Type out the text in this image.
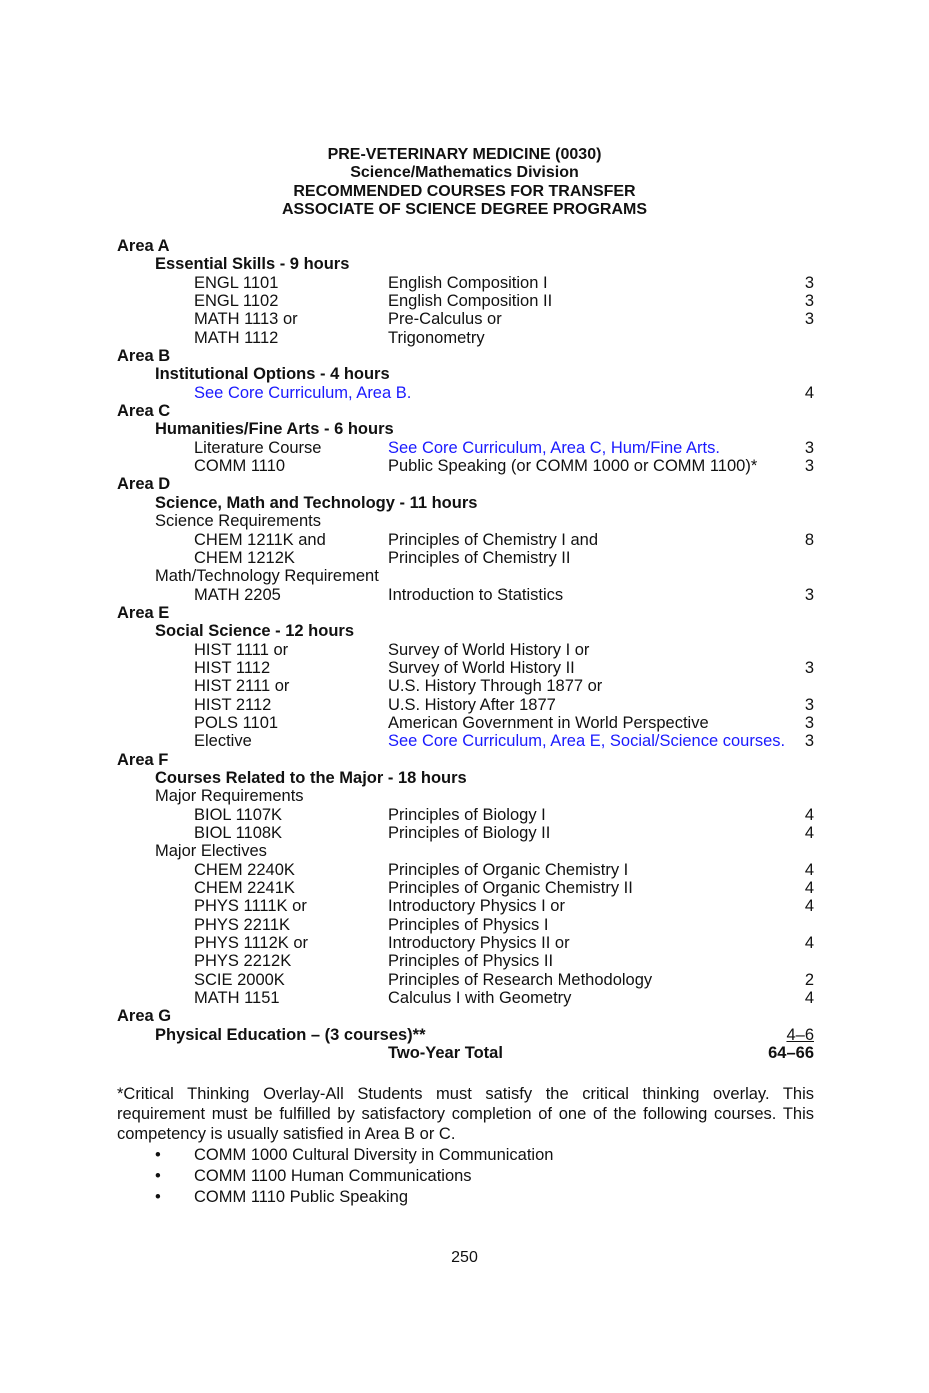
PRE-VETERINARY MEDICINE (0030)
Science/Mathematics Division
RECOMMENDED COURSES FOR TRANSFER
ASSOCIATE OF SCIENCE DEGREE PROGRAMS
Area A
Essential Skills - 9 hours
ENGL 1101	English Composition I	3
ENGL 1102	English Composition II	3
MATH 1113 or	Pre-Calculus or	3
MATH 1112	Trigonometry
Area B
Institutional Options - 4 hours
See Core Curriculum, Area B.	4
Area C
Humanities/Fine Arts - 6 hours
Literature Course	See Core Curriculum, Area C, Hum/Fine Arts.	3
COMM 1110	Public Speaking (or COMM 1000 or COMM 1100)*	3
Area D
Science, Math and Technology - 11 hours
Science Requirements
CHEM 1211K and	Principles of Chemistry I and	8
CHEM 1212K	Principles of Chemistry II
Math/Technology Requirement
MATH 2205	Introduction to Statistics	3
Area E
Social Science - 12 hours
HIST 1111 or	Survey of World History I or
HIST 1112	Survey of World History II	3
HIST 2111 or	U.S. History Through 1877 or
HIST 2112	U.S. History After 1877	3
POLS 1101	American Government in World Perspective	3
Elective	See Core Curriculum, Area E, Social/Science courses. 3
Area F
Courses Related to the Major - 18 hours
Major Requirements
BIOL 1107K	Principles of Biology I	4
BIOL 1108K	Principles of Biology II	4
Major Electives
CHEM 2240K	Principles of Organic Chemistry I	4
CHEM 2241K	Principles of Organic Chemistry II	4
PHYS 1111K or	Introductory Physics I or	4
PHYS 2211K	Principles of Physics I
PHYS 1112K or	Introductory Physics II or	4
PHYS 2212K	Principles of Physics II
SCIE 2000K	Principles of Research Methodology	2
MATH 1151	Calculus I with Geometry	4
Area G
Physical Education – (3 courses)**	4–6
Two-Year Total	64–66
*Critical Thinking Overlay-All Students must satisfy the critical thinking overlay. This requirement must be fulfilled by satisfactory completion of one of the following courses. This competency is usually satisfied in Area B or C.
• COMM 1000 Cultural Diversity in Communication
• COMM 1100 Human Communications
• COMM 1110 Public Speaking
250
